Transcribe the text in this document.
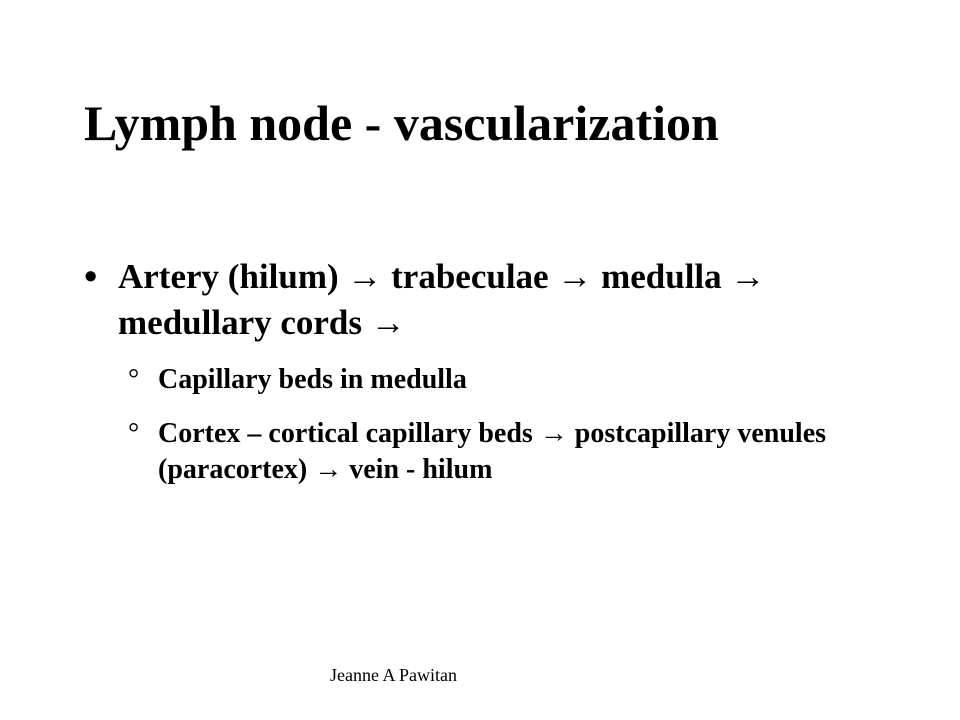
Lymph node - vascularization
• Artery (hilum) → trabeculae → medulla → medullary cords →
° Capillary beds in medulla
° Cortex – cortical capillary beds → postcapillary venules (paracortex) → vein - hilum
Jeanne A Pawitan
